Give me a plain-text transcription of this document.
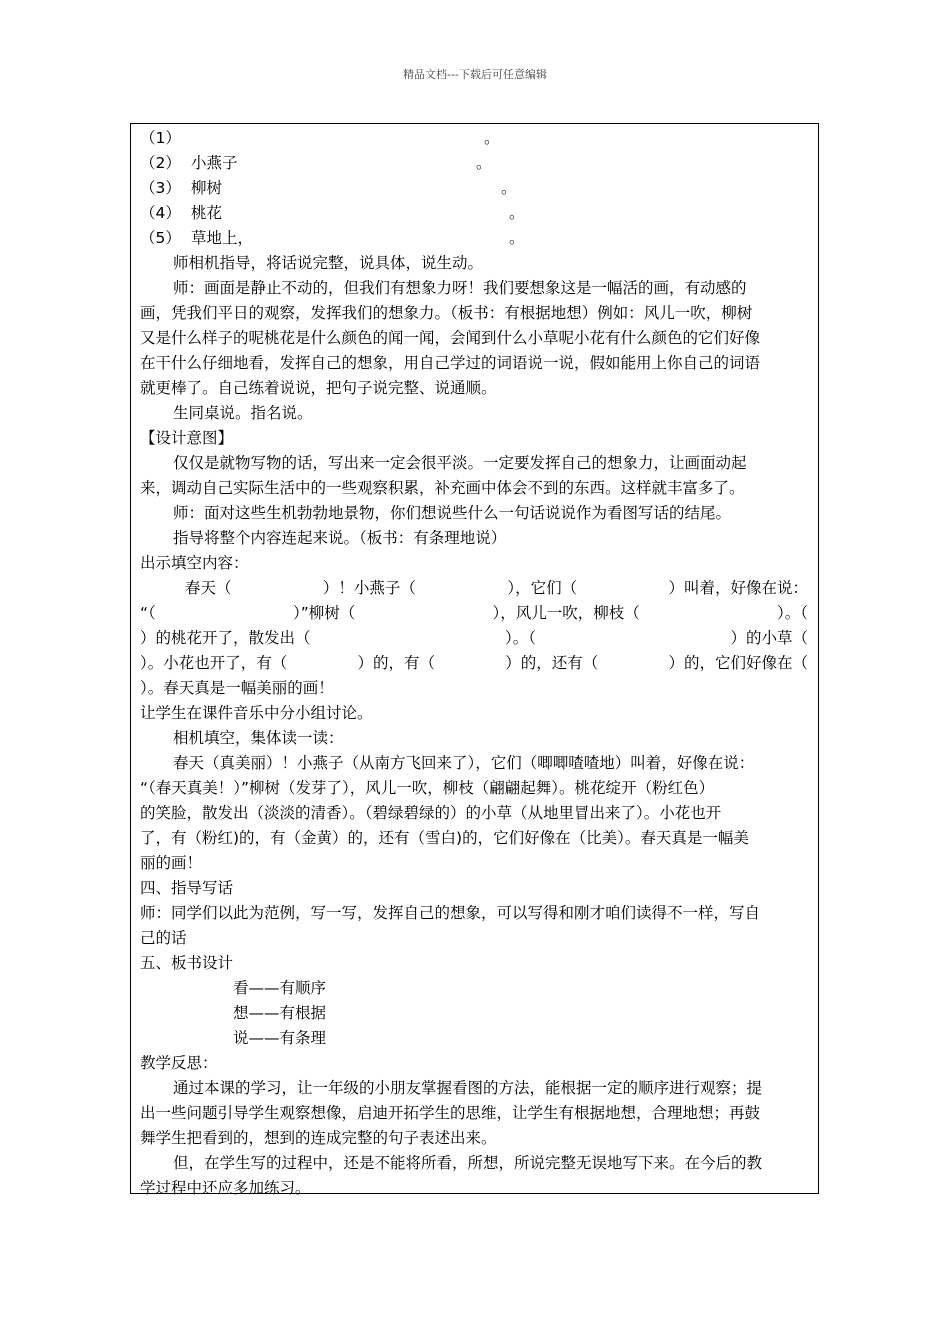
精品文档---下载后可任意编辑
（1）	。
（2） 小燕子	。
（3） 柳树	。
（4） 桃花	。
（5） 草地上，	。
师相机指导，将话说完整，说具体，说生动。
师：画面是静止不动的，但我们有想象力呀！我们要想象这是一幅活的画，有动感的
画，凭我们平日的观察，发挥我们的想象力。（板书：有根据地想）例如：风儿一吹，柳树
又是什么样子的呢桃花是什么颜色的闻一闻，会闻到什么小草呢小花有什么颜色的它们好像
在干什么仔细地看，发挥自己的想象，用自己学过的词语说一说，假如能用上你自己的词语
就更棒了。自己练着说说，把句子说完整、说通顺。
生同桌说。指名说。
【设计意图】
仅仅是就物写物的话，写出来一定会很平淡。一定要发挥自己的想象力，让画面动起
来，调动自己实际生活中的一些观察积累，补充画中体会不到的东西。这样就丰富多了。
师：面对这些生机勃勃地景物，你们想说些什么一句话说说作为看图写话的结尾。
指导将整个内容连起来说。（板书：有条理地说）
出示填空内容：
春天（	）！小燕子（	），它们（	）叫着，好像在说：
“（	）”柳树（	），风儿一吹，柳枝（	）。（
）的桃花开了，散发出（	）。（	）的小草（
）。小花也开了，有（	）的，有（	）的，还有（	）的，它们好像在（
）。春天真是一幅美丽的画！
让学生在课件音乐中分小组讨论。
相机填空，集体读一读：
春天（真美丽）！小燕子（从南方飞回来了），它们（唧唧喳喳地）叫着，好像在说：
“（春天真美！）”柳树（发芽了），风儿一吹，柳枝（翩翩起舞）。桃花绽开（粉红色）
的笑脸，散发出（淡淡的清香）。（碧绿碧绿的）的小草（从地里冒出来了）。小花也开
了，有（粉红)的，有（金黄）的，还有（雪白)的，它们好像在（比美）。春天真是一幅美
丽的画！
四、指导写话
师：同学们以此为范例，写一写，发挥自己的想象，可以写得和刚才咱们读得不一样，写自
己的话
五、板书设计
看——有顺序
想——有根据
说——有条理
教学反思：
通过本课的学习，让一年级的小朋友掌握看图的方法，能根据一定的顺序进行观察；提
出一些问题引导学生观察想像，启迪开拓学生的思维，让学生有根据地想，合理地想；再鼓
舞学生把看到的，想到的连成完整的句子表述出来。
但，在学生写的过程中，还是不能将所看，所想，所说完整无误地写下来。在今后的教
学过程中还应多加练习。
